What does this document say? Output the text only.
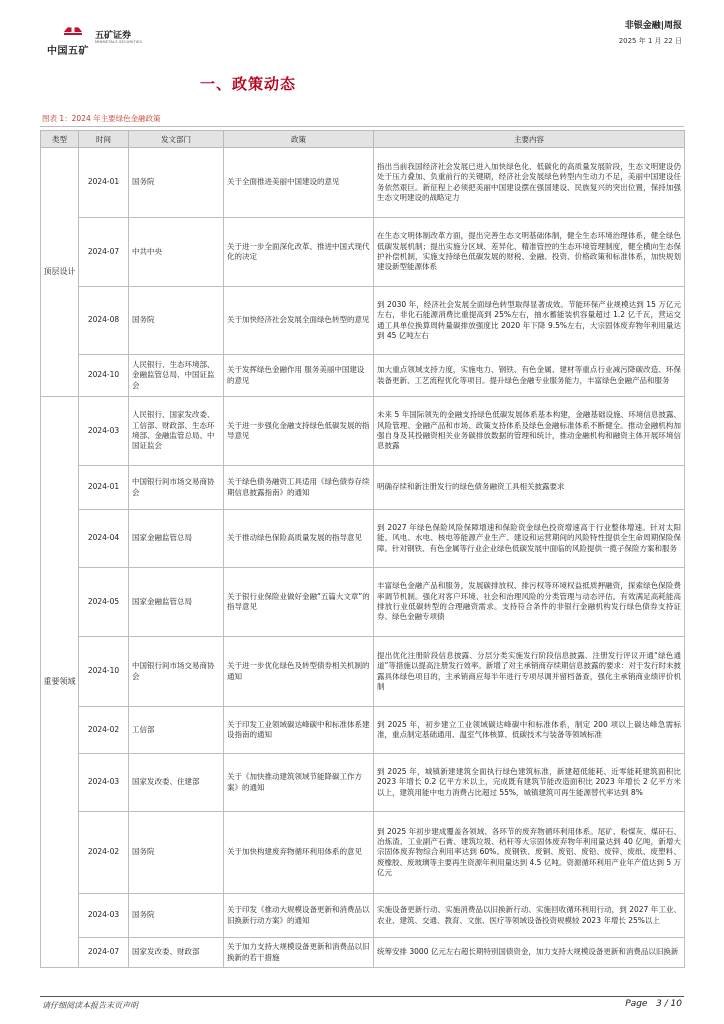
中国五矿
五矿证券
MINMETALS SECURITIES
非银金融|周报
2025 年 1 月 22 日
一、政策动态
图表 1：2024 年主要绿色金融政策
类型	时间	发文部门	政策	主要内容
顶层设计	2024-01	国务院	关于全面推进美丽中国建设的意见	指出当前我国经济社会发展已进入加快绿色化、低碳化的高质量发展阶段，生态文明建设仍处于压力叠加、负重前行的关键期，经济社会发展绿色转型内生动力不足，美丽中国建设任务依然艰巨。新征程上必须把美丽中国建设摆在强国建设、民族复兴的突出位置，保持加强生态文明建设的战略定力
	2024-07	中共中央	关于进一步全面深化改革、推进中国式现代化的决定	在生态文明体制改革方面，提出完善生态文明基础体制，健全生态环境治理体系，健全绿色低碳发展机制；提出实施分区域、差异化、精准管控的生态环境管理制度，健全横向生态保护补偿机制，实施支持绿色低碳发展的财税、金融、投资、价格政策和标准体系，加快规划建设新型能源体系
	2024-08	国务院	关于加快经济社会发展全面绿色转型的意见	到 2030 年，经济社会发展全面绿色转型取得显著成效。节能环保产业规模达到 15 万亿元左右，非化石能源消费比重提高到 25%左右，抽水蓄能装机容量超过 1.2 亿千瓦，营运交通工具单位换算周转量碳排放强度比 2020 年下降 9.5%左右，大宗固体废弃物年利用量达到 45 亿吨左右
	2024-10	人民银行、生态环境部、金融监管总局、中国证监会	关于发挥绿色金融作用 服务美丽中国建设的意见	加大重点领域支持力度，实施电力、钢铁、有色金属、建材等重点行业减污降碳改造、环保装备更新、工艺流程优化等项目。提升绿色金融专业服务能力，丰富绿色金融产品和服务
重要领域	2024-03	人民银行、国家发改委、工信部、财政部、生态环境部、金融监管总局、中国证监会	关于进一步强化金融支持绿色低碳发展的指导意见	未来 5 年国际领先的金融支持绿色低碳发展体系基本构建，金融基础设施、环境信息披露、风险管理、金融产品和市场、政策支持体系及绿色金融标准体系不断健全。推动金融机构加强自身及其投融资相关业务碳排放数据的管理和统计，推动金融机构和融资主体开展环境信息披露
	2024-01	中国银行间市场交易商协会	关于绿色债务融资工具适用《绿色债券存续期信息披露指南》的通知	明确存续和新注册发行的绿色债务融资工具相关披露要求
	2024-04	国家金融监管总局	关于推动绿色保险高质量发展的指导意见	到 2027 年绿色保险风险保障增速和保险资金绿色投资增速高于行业整体增速。针对太阳能、风电、水电、核电等能源产业生产、建设和运营期间的风险特性提供全生命周期保险保障。针对钢铁、有色金属等行业企业绿色低碳发展中面临的风险提供一揽子保险方案和服务
	2024-05	国家金融监管总局	关于银行业保险业做好金融“五篇大文章”的指导意见	丰富绿色金融产品和服务，发展碳排放权、排污权等环境权益抵质押融资，探索绿色保险费率调节机制。强化对客户环境、社会和治理风险的分类管理与动态评估。有效满足高耗能高排放行业低碳转型的合理融资需求。支持符合条件的非银行金融机构发行绿色债券支持证券、绿色金融专项债
	2024-10	中国银行间市场交易商协会	关于进一步优化绿色及转型债券相关机制的通知	提出优化注册阶段信息披露、分层分类实施发行阶段信息披露、注册发行评议开通“绿色通道”等措施以提高注册发行效率。新增了对主承销商存续期信息披露的要求：对于发行时未披露具体绿色项目的，主承销商应每半年进行专项尽调并留档备查，强化主承销商业绩评价机制
	2024-02	工信部	关于印发工业领域碳达峰碳中和标准体系建设指南的通知	到 2025 年，初步建立工业领域碳达峰碳中和标准体系，制定 200 项以上碳达峰急需标准，重点制定基础通用、温室气体核算、低碳技术与装备等领域标准
	2024-03	国家发改委、住建部	关于《加快推动建筑领域节能降碳工作方案》的通知	到 2025 年，城镇新建建筑全面执行绿色建筑标准，新建超低能耗、近零能耗建筑面积比 2023 年增长 0.2 亿平方米以上，完成既有建筑节能改造面积比 2023 年增长 2 亿平方米以上，建筑用能中电力消费占比超过 55%，城镇建筑可再生能源替代率达到 8%
	2024-02	国务院	关于加快构建废弃物循环利用体系的意见	到 2025 年初步建成覆盖各领域、各环节的废弃物循环利用体系。尾矿、粉煤灰、煤矸石、冶炼渣、工业副产石膏、建筑垃圾、秸秆等大宗固体废弃物年利用量达到 40 亿吨，新增大宗固体废弃物综合利用率达到 60%。废钢铁、废铜、废铝、废铅、废锌、废纸、废塑料、废橡胶、废玻璃等主要再生资源年利用量达到 4.5 亿吨。资源循环利用产业年产值达到 5 万亿元
	2024-03	国务院	关于印发《推动大规模设备更新和消费品以旧换新行动方案》的通知	实施设备更新行动、实施消费品以旧换新行动、实施回收循环利用行动，到 2027 年工业、农业、建筑、交通、教育、文旅、医疗等领域设备投资规模较 2023 年增长 25%以上
	2024-07	国家发改委、财政部	关于加力支持大规模设备更新和消费品以旧换新的若干措施	统筹安排 3000 亿元左右超长期特别国债资金，加力支持大规模设备更新和消费品以旧换新
请仔细阅读本报告末页声明	Page 3 / 10
